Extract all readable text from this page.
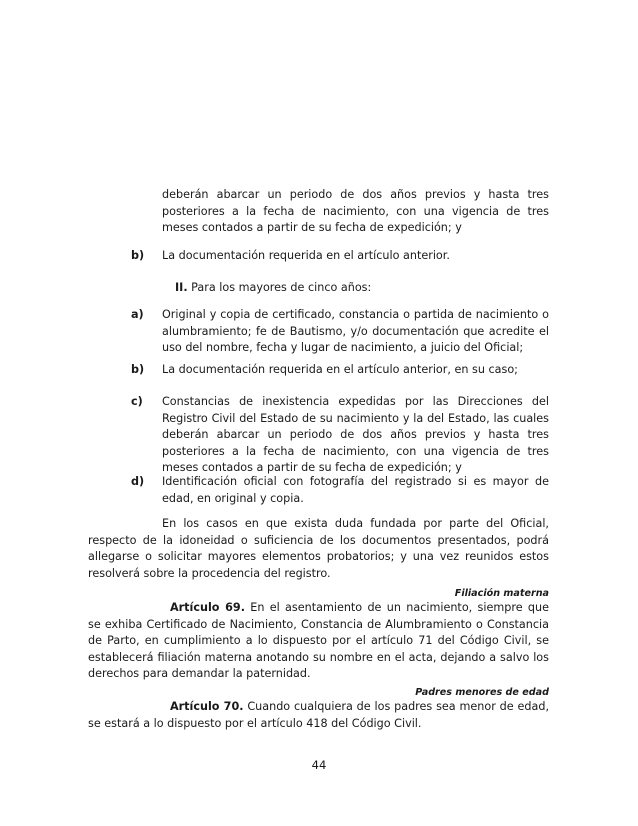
deberán abarcar un periodo de dos años previos y hasta tres posteriores a la fecha de nacimiento, con una vigencia de tres meses contados a partir de su fecha de expedición; y
b) La documentación requerida en el artículo anterior.
II. Para los mayores de cinco años:
a) Original y copia de certificado, constancia o partida de nacimiento o alumbramiento; fe de Bautismo, y/o documentación que acredite el uso del nombre, fecha y lugar de nacimiento, a juicio del Oficial;
b) La documentación requerida en el artículo anterior, en su caso;
c) Constancias de inexistencia expedidas por las Direcciones del Registro Civil del Estado de su nacimiento y la del Estado, las cuales deberán abarcar un periodo de dos años previos y hasta tres posteriores a la fecha de nacimiento, con una vigencia de tres meses contados a partir de su fecha de expedición; y
d) Identificación oficial con fotografía del registrado si es mayor de edad, en original y copia.
En los casos en que exista duda fundada por parte del Oficial, respecto de la idoneidad o suficiencia de los documentos presentados, podrá allegarse o solicitar mayores elementos probatorios; y una vez reunidos estos resolverá sobre la procedencia del registro.
Filiación materna
Artículo 69. En el asentamiento de un nacimiento, siempre que se exhiba Certificado de Nacimiento, Constancia de Alumbramiento o Constancia de Parto, en cumplimiento a lo dispuesto por el artículo 71 del Código Civil, se establecerá filiación materna anotando su nombre en el acta, dejando a salvo los derechos para demandar la paternidad.
Padres menores de edad
Artículo 70. Cuando cualquiera de los padres sea menor de edad, se estará a lo dispuesto por el artículo 418 del Código Civil.
44
